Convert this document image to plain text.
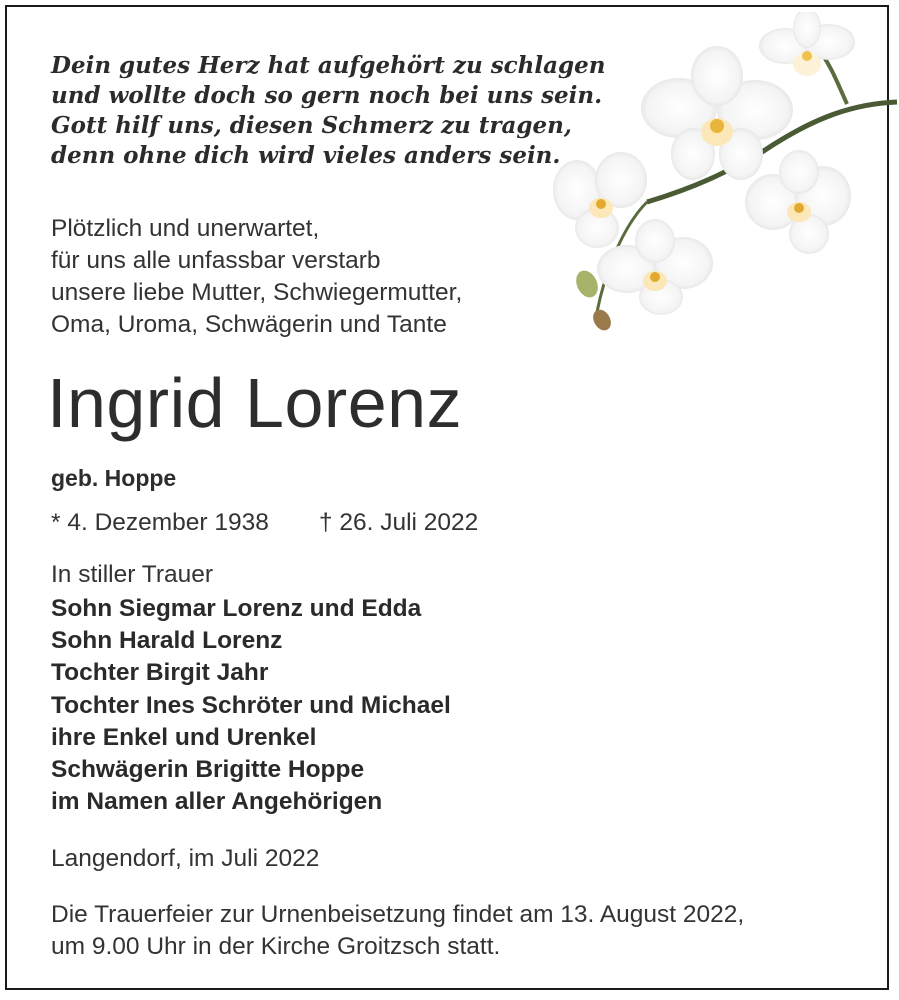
Dein gutes Herz hat aufgehört zu schlagen
und wollte doch so gern noch bei uns sein.
Gott hilf uns, diesen Schmerz zu tragen,
denn ohne dich wird vieles anders sein.
Plötzlich und unerwartet,
für uns alle unfassbar verstarb
unsere liebe Mutter, Schwiegermutter,
Oma, Uroma, Schwägerin und Tante
Ingrid Lorenz
geb. Hoppe
* 4. Dezember 1938 † 26. Juli 2022
In stiller Trauer
Sohn Siegmar Lorenz und Edda
Sohn Harald Lorenz
Tochter Birgit Jahr
Tochter Ines Schröter und Michael
ihre Enkel und Urenkel
Schwägerin Brigitte Hoppe
im Namen aller Angehörigen
Langendorf, im Juli 2022
Die Trauerfeier zur Urnenbeisetzung findet am 13. August 2022,
um 9.00 Uhr in der Kirche Groitzsch statt.
